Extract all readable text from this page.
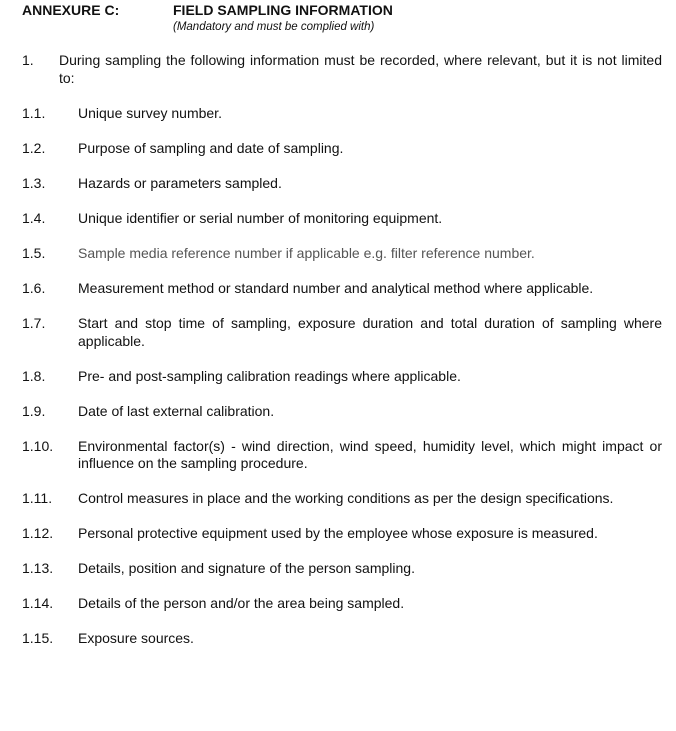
ANNEXURE C:	FIELD SAMPLING INFORMATION
(Mandatory and must be complied with)
1. During sampling the following information must be recorded, where relevant, but it is not limited to:
1.1. Unique survey number.
1.2. Purpose of sampling and date of sampling.
1.3. Hazards or parameters sampled.
1.4. Unique identifier or serial number of monitoring equipment.
1.5. Sample media reference number if applicable e.g. filter reference number.
1.6. Measurement method or standard number and analytical method where applicable.
1.7. Start and stop time of sampling, exposure duration and total duration of sampling where applicable.
1.8. Pre- and post-sampling calibration readings where applicable.
1.9. Date of last external calibration.
1.10. Environmental factor(s) - wind direction, wind speed, humidity level, which might impact or influence on the sampling procedure.
1.11. Control measures in place and the working conditions as per the design specifications.
1.12. Personal protective equipment used by the employee whose exposure is measured.
1.13. Details, position and signature of the person sampling.
1.14. Details of the person and/or the area being sampled.
1.15. Exposure sources.
